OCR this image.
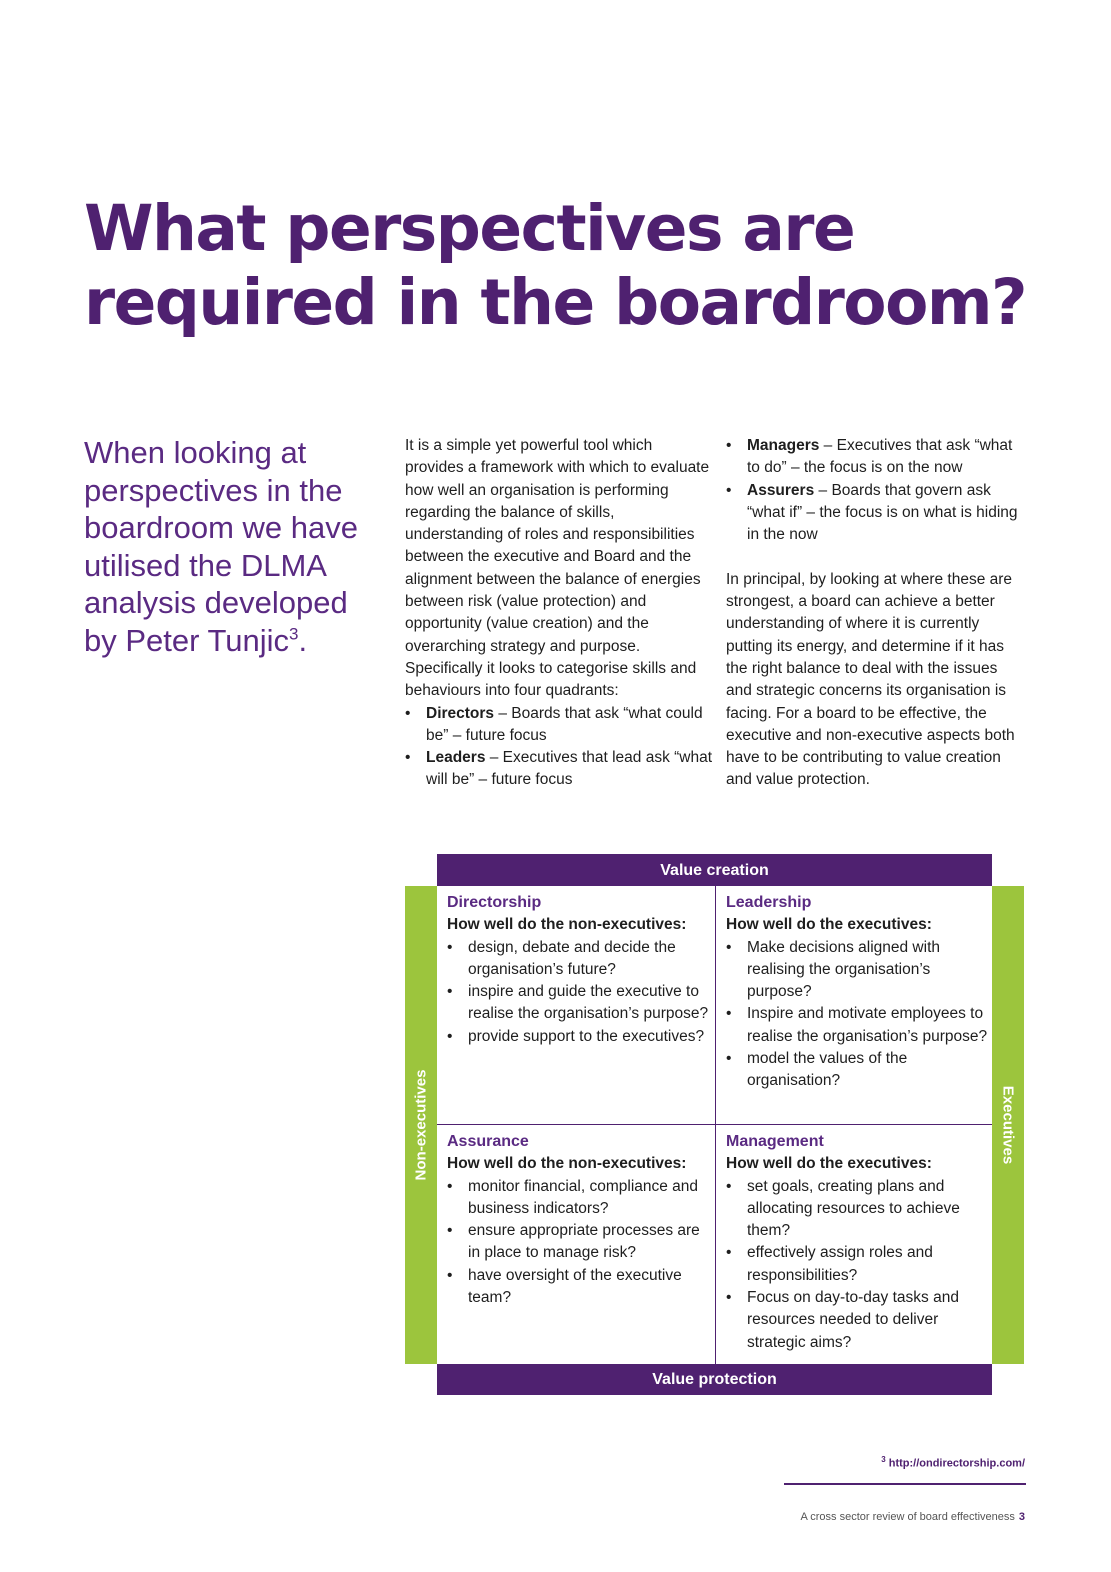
What perspectives are
required in the boardroom?
When looking at perspectives in the boardroom we have utilised the DLMA analysis developed by Peter Tunjic$^3$.

It is a simple yet powerful tool which provides a framework with which to evaluate how well an organisation is performing regarding the balance of skills, understanding of roles and responsibilities between the executive and Board and the alignment between the balance of energies between risk (value protection) and opportunity (value creation) and the overarching strategy and purpose. Specifically it looks to categorise skills and behaviours into four quadrants:

• Directors – Boards that ask “what could be” – future focus
• Leaders – Executives that lead ask “what will be” – future focus
• Managers – Executives that ask “what to do” – the focus is on the now
• Assurers – Boards that govern ask “what if” – the focus is on what is hiding in the now

In principal, by looking at where these are strongest, a board can achieve a better understanding of where it is currently putting its energy, and determine if it has the right balance to deal with the issues and strategic concerns its organisation is facing. For a board to be effective, the executive and non-executive aspects both have to be contributing to value creation and value protection.

Value creation
Non-executives	Executives
Directorship
How well do the non-executives:
• design, debate and decide the organisation’s future?
• inspire and guide the executive to realise the organisation’s purpose?
• provide support to the executives?
Leadership
How well do the executives:
• Make decisions aligned with realising the organisation’s purpose?
• Inspire and motivate employees to realise the organisation’s purpose?
• model the values of the organisation?
Assurance
How well do the non-executives:
• monitor financial, compliance and business indicators?
• ensure appropriate processes are in place to manage risk?
• have oversight of the executive team?
Management
How well do the executives:
• set goals, creating plans and allocating resources to achieve them?
• effectively assign roles and responsibilities?
• Focus on day-to-day tasks and resources needed to deliver strategic aims?
Value protection
$^3$ http://ondirectorship.com/
A cross sector review of board effectiveness 3
